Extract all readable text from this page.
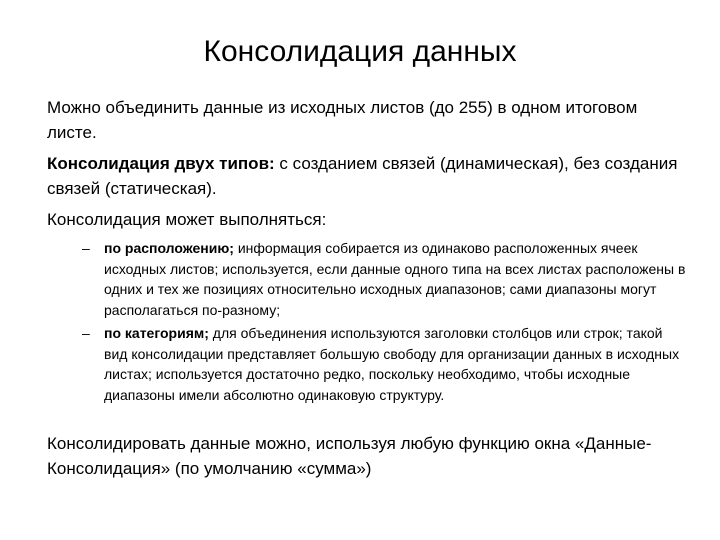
Консолидация данных

Можно объединить данные из исходных листов (до 255) в одном итоговом листе.

Консолидация двух типов: с созданием связей (динамическая), без создания связей (статическая).

Консолидация может выполняться:

– по расположению; информация собирается из одинаково расположенных ячеек исходных листов; используется, если данные одного типа на всех листах расположены в одних и тех же позициях относительно исходных диапазонов; сами диапазоны могут располагаться по-разному;
– по категориям; для объединения используются заголовки столбцов или строк; такой вид консолидации представляет большую свободу для организации данных в исходных листах; используется достаточно редко, поскольку необходимо, чтобы исходные диапазоны имели абсолютно одинаковую структуру.

Консолидировать данные можно, используя любую функцию окна «Данные-Консолидация» (по умолчанию «сумма»)
